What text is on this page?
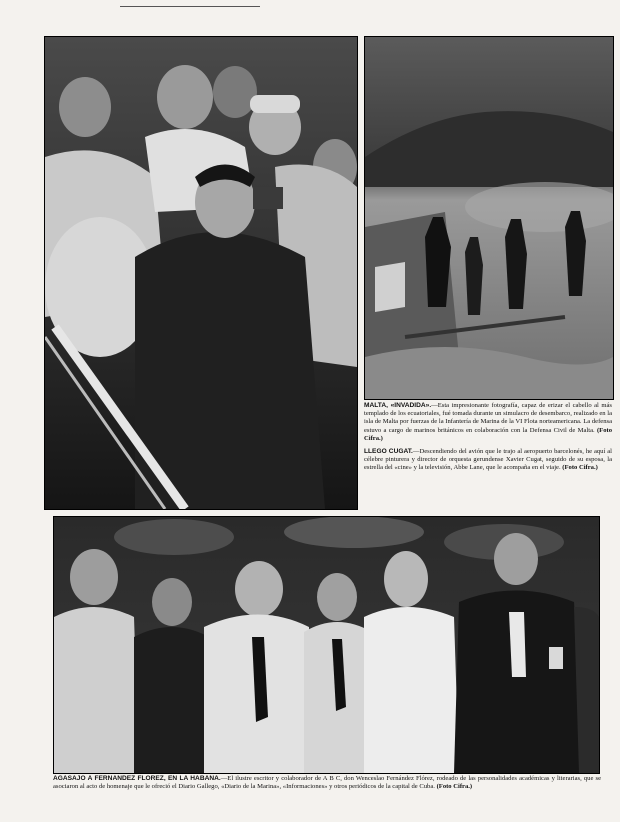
MALTA, «INVADIDA».—Esta impresionante fotografía, capaz de erizar el cabello al más templado de los ecuatoriales, fué tomada durante un simulacro de desembarco, realizado en la isla de Malta por fuerzas de la Infantería de Marina de la VI Flota norteamericana. La defensa estuvo a cargo de marinos británicos en colaboración con la Defensa Civil de Malta. (Foto Cifra.)

LLEGO CUGAT.—Descendiendo del avión que le trajo al aeropuerto barcelonés, he aquí al célebre pinturera y director de orquesta gerundense Xavier Cugat, seguido de su esposa, la estrella del «cine» y la televisión, Abbe Lane, que le acompaña en el viaje. (Foto Cifra.)

AGASAJO A FERNANDEZ FLOREZ, EN LA HABANA.—El ilustre escritor y colaborador de A B C, don Wenceslao Fernández Flórez, rodeado de las personalidades académicas y literarias, que se asociaron al acto de homenaje que le ofreció el Diario Gallego, «Diario de la Marina», «Informaciones» y otros periódicos de la capital de Cuba. (Foto Cifra.)
